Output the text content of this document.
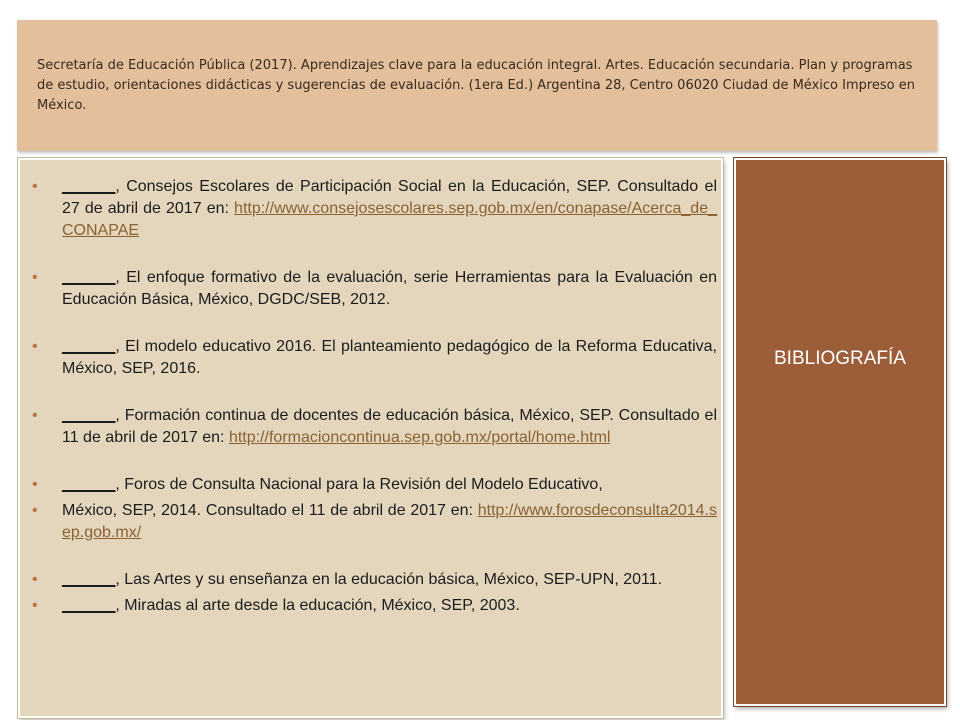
Secretaría de Educación Pública (2017). Aprendizajes clave para la educación integral. Artes. Educación secundaria. Plan y programas de estudio, orientaciones didácticas y sugerencias de evaluación. (1era Ed.) Argentina 28, Centro 06020 Ciudad de México Impreso en México.

• ______, Consejos Escolares de Participación Social en la Educación, SEP. Consultado el 27 de abril de 2017 en: http://www.consejosescolares.sep.gob.mx/en/conapase/Acerca_de_CONAPAE
• ______, El enfoque formativo de la evaluación, serie Herramientas para la Evaluación en Educación Básica, México, DGDC/SEB, 2012.
• ______, El modelo educativo 2016. El planteamiento pedagógico de la Reforma Educativa, México, SEP, 2016.
• ______, Formación continua de docentes de educación básica, México, SEP. Consultado el 11 de abril de 2017 en: http://formacioncontinua.sep.gob.mx/portal/home.html
• ______, Foros de Consulta Nacional para la Revisión del Modelo Educativo,
• México, SEP, 2014. Consultado el 11 de abril de 2017 en: http://www.forosdeconsulta2014.sep.gob.mx/
• ______, Las Artes y su enseñanza en la educación básica, México, SEP-UPN, 2011.
• ______, Miradas al arte desde la educación, México, SEP, 2003.
BIBLIOGRAFÍA
